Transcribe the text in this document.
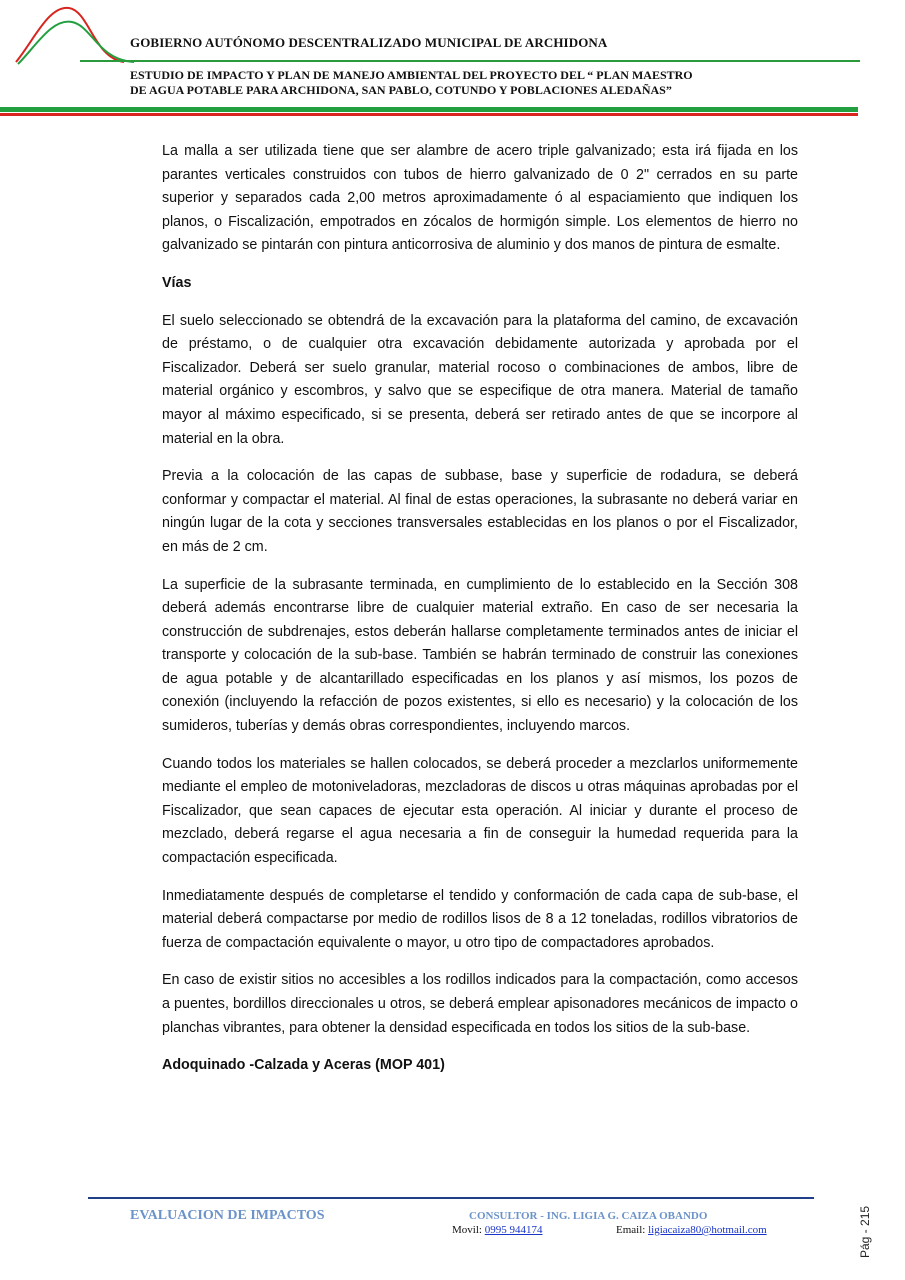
GOBIERNO AUTÓNOMO DESCENTRALIZADO MUNICIPAL DE ARCHIDONA
ESTUDIO DE IMPACTO Y PLAN DE MANEJO AMBIENTAL DEL PROYECTO DEL “ PLAN MAESTRO
DE AGUA POTABLE PARA ARCHIDONA, SAN PABLO, COTUNDO Y POBLACIONES ALEDAÑAS”

La malla a ser utilizada tiene que ser alambre de acero triple galvanizado; esta irá fijada en los parantes verticales construidos con tubos de hierro galvanizado de 0 2" cerrados en su parte superior y separados cada 2,00 metros aproximadamente ó al espaciamiento que indiquen los planos, o Fiscalización, empotrados en zócalos de hormigón simple. Los elementos de hierro no galvanizado se pintarán con pintura anticorrosiva de aluminio y dos manos de pintura de esmalte.

Vías

El suelo seleccionado se obtendrá de la excavación para la plataforma del camino, de excavación de préstamo, o de cualquier otra excavación debidamente autorizada y aprobada por el Fiscalizador. Deberá ser suelo granular, material rocoso o combinaciones de ambos, libre de material orgánico y escombros, y salvo que se especifique de otra manera. Material de tamaño mayor al máximo especificado, si se presenta, deberá ser retirado antes de que se incorpore al material en la obra.

Previa a la colocación de las capas de subbase, base y superficie de rodadura, se deberá conformar y compactar el material. Al final de estas operaciones, la subrasante no deberá variar en ningún lugar de la cota y secciones transversales establecidas en los planos o por el Fiscalizador, en más de 2 cm.

La superficie de la subrasante terminada, en cumplimiento de lo establecido en la Sección 308 deberá además encontrarse libre de cualquier material extraño. En caso de ser necesaria la construcción de subdrenajes, estos deberán hallarse completamente terminados antes de iniciar el transporte y colocación de la sub-base. También se habrán terminado de construir las conexiones de agua potable y de alcantarillado especificadas en los planos y así mismos, los pozos de conexión (incluyendo la refacción de pozos existentes, si ello es necesario) y la colocación de los sumideros, tuberías y demás obras correspondientes, incluyendo marcos.

Cuando todos los materiales se hallen colocados, se deberá proceder a mezclarlos uniformemente mediante el empleo de motoniveladoras, mezcladoras de discos u otras máquinas aprobadas por el Fiscalizador, que sean capaces de ejecutar esta operación. Al iniciar y durante el proceso de mezclado, deberá regarse el agua necesaria a fin de conseguir la humedad requerida para la compactación especificada.

Inmediatamente después de completarse el tendido y conformación de cada capa de sub-base, el material deberá compactarse por medio de rodillos lisos de 8 a 12 toneladas, rodillos vibratorios de fuerza de compactación equivalente o mayor, u otro tipo de compactadores aprobados.

En caso de existir sitios no accesibles a los rodillos indicados para la compactación, como accesos a puentes, bordillos direccionales u otros, se deberá emplear apisonadores mecánicos de impacto o planchas vibrantes, para obtener la densidad especificada en todos los sitios de la sub-base.

Adoquinado -Calzada y Aceras (MOP 401)
EVALUACION DE IMPACTOS	CONSULTOR - ING. LIGIA G. CAIZA OBANDO
Movil: 0995 944174	Email: ligiacaiza80@hotmail.com	Pág - 215
